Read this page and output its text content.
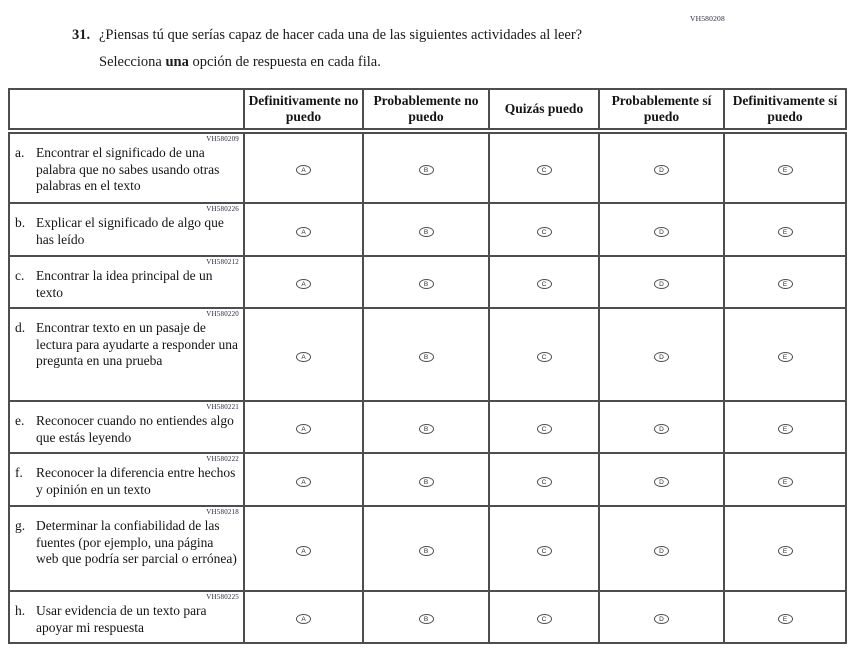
VH580208
31. ¿Piensas tú que serías capaz de hacer cada una de las siguientes actividades al leer?
Selecciona una opción de respuesta en cada fila.
	Definitivamente no puedo	Probablemente no puedo	Quizás puedo	Probablemente sí puedo	Definitivamente sí puedo

VH580209
a. Encontrar el significado de una palabra que no sabes usando otras palabras en el texto	A	B	C	D	E

VH580226
b. Explicar el significado de algo que has leído	A	B	C	D	E

VH580212
c. Encontrar la idea principal de un texto	A	B	C	D	E

VH580220
d. Encontrar texto en un pasaje de lectura para ayudarte a responder una pregunta en una prueba	A	B	C	D	E

VH580221
e. Reconocer cuando no entiendes algo que estás leyendo	A	B	C	D	E

VH580222
f. Reconocer la diferencia entre hechos y opinión en un texto	A	B	C	D	E

VH580218
g. Determinar la confiabilidad de las fuentes (por ejemplo, una página web que podría ser parcial o errónea)	A	B	C	D	E

VH580225
h. Usar evidencia de un texto para apoyar mi respuesta	A	B	C	D	E
